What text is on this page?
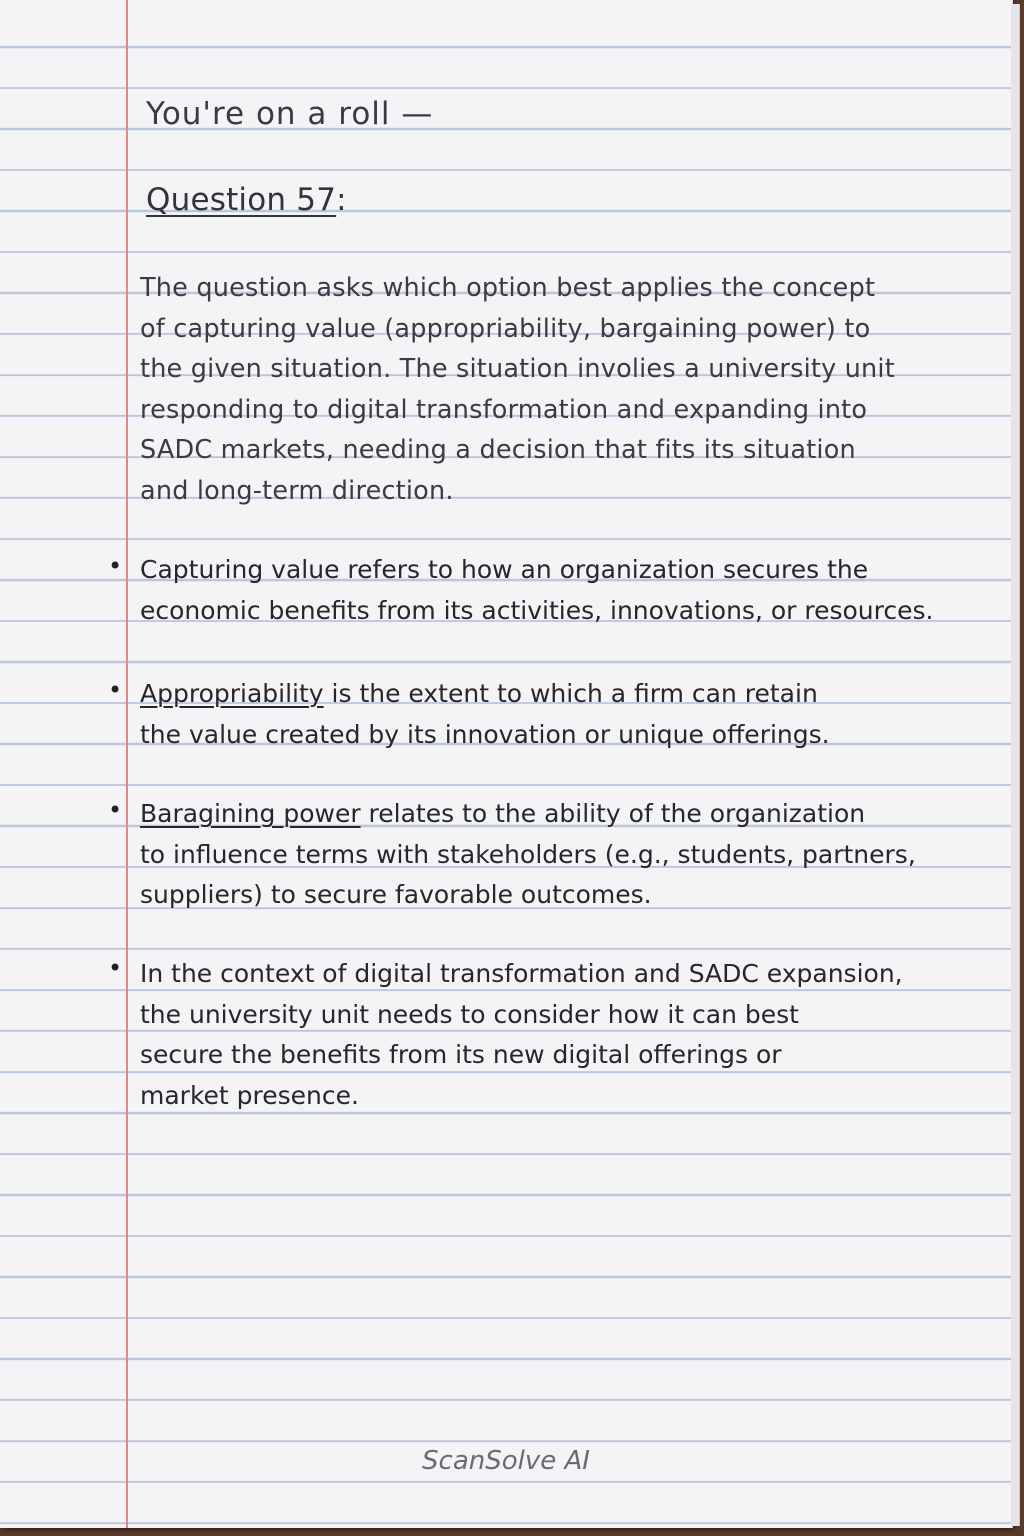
You're on a roll —
Question 57:
The question asks which option best applies the concept
of capturing value (appropriability, bargaining power) to
the given situation. The situation involies a university unit
responding to digital transformation and expanding into
SADC markets, needing a decision that fits its situation
and long-term direction.
• Capturing value refers to how an organization secures the
economic benefits from its activities, innovations, or resources.
• Appropriability is the extent to which a firm can retain
the value created by its innovation or unique offerings.
• Baragining power relates to the ability of the organization
to influence terms with stakeholders (e.g., students, partners,
suppliers) to secure favorable outcomes.
• In the context of digital transformation and SADC expansion,
the university unit needs to consider how it can best
secure the benefits from its new digital offerings or
market presence.
ScanSolve AI
